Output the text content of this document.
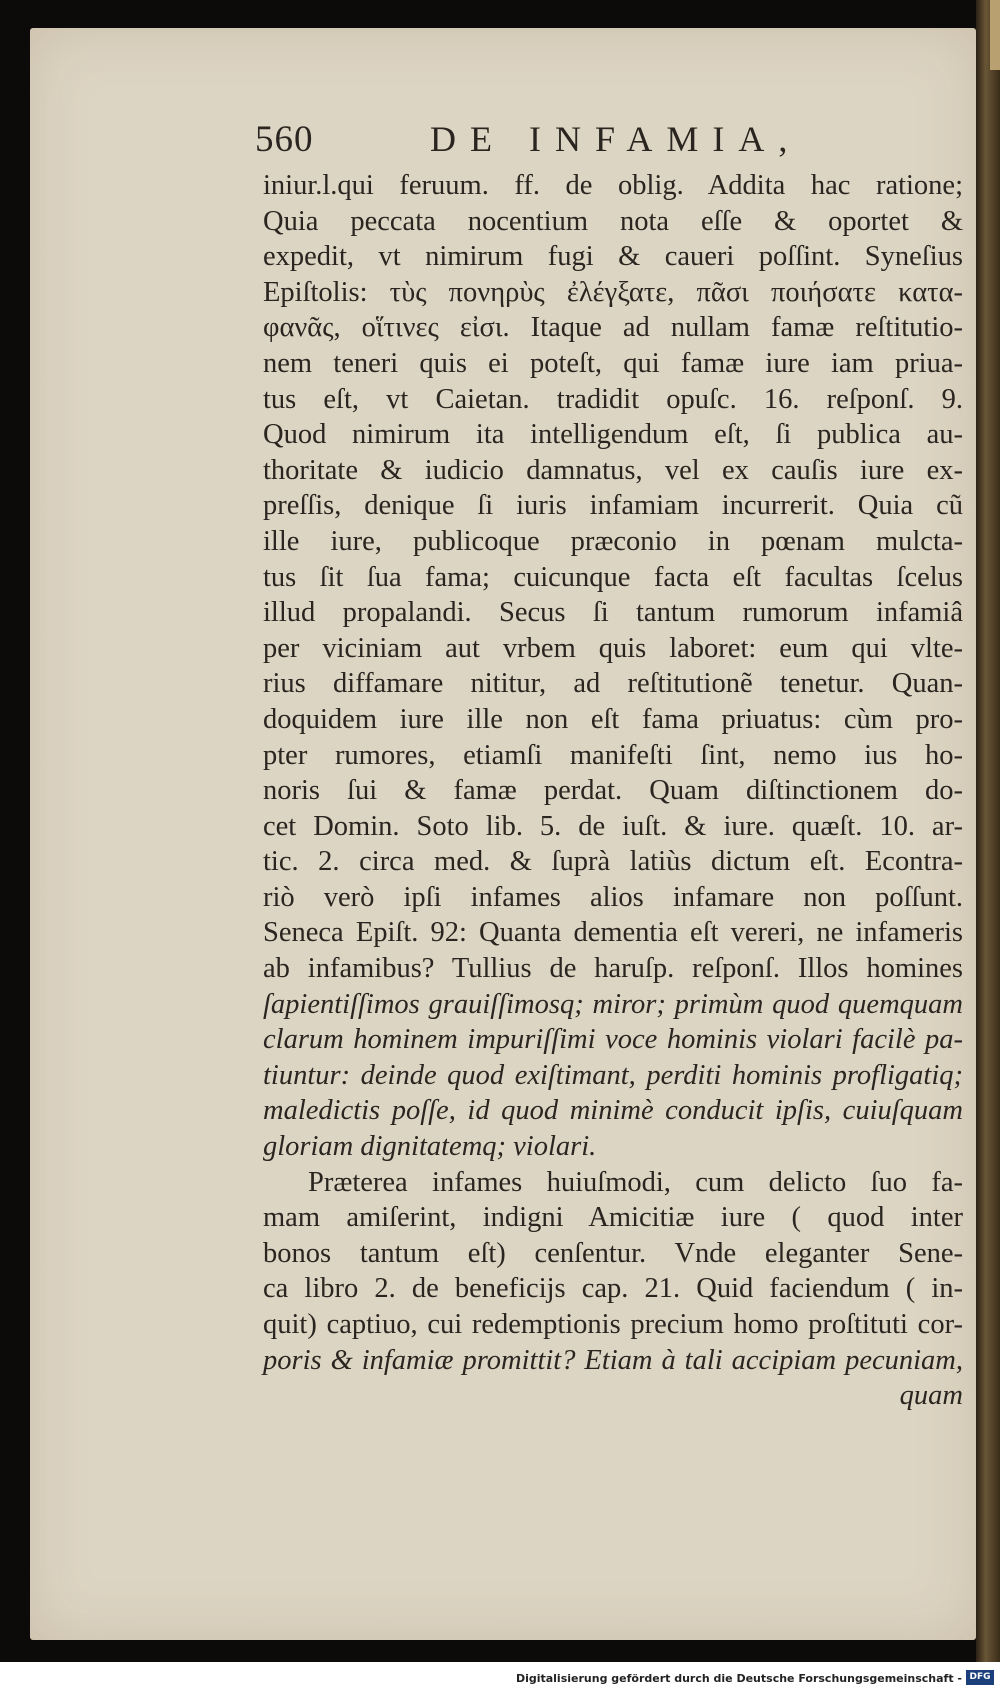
560	DE INFAMIA,
iniur.l.qui feruum. ff. de oblig. Addita hac ratione;
Quia peccata nocentium nota eſſe & oportet &
expedit, vt nimirum fugi & caueri poſſint. Syneſius
Epiſtolis: τὺς πονηρὺς ἐλέγξατε, πᾶσι ποιήσατε κατα-
φανᾶς, οἵτινες εἰσι. Itaque ad nullam famæ reſtitutio-
nem teneri quis ei poteſt, qui famæ iure iam priua-
tus eſt, vt Caietan. tradidit opuſc. 16. reſponſ. 9.
Quod nimirum ita intelligendum eſt, ſi publica au-
thoritate & iudicio damnatus, vel ex cauſis iure ex-
preſſis, denique ſi iuris infamiam incurrerit. Quia cũ
ille iure, publicoque præconio in pœnam mulcta-
tus ſit ſua fama; cuicunque facta eſt facultas ſcelus
illud propalandi. Secus ſi tantum rumorum infamiâ
per viciniam aut vrbem quis laboret: eum qui vlte-
rius diffamare nititur, ad reſtitutionẽ tenetur. Quan-
doquidem iure ille non eſt fama priuatus: cùm pro-
pter rumores, etiamſi manifeſti ſint, nemo ius ho-
noris ſui & famæ perdat. Quam diſtinctionem do-
cet Domin. Soto lib. 5. de iuſt. & iure. quæſt. 10. ar-
tic. 2. circa med. & ſuprà latiùs dictum eſt. Econtra-
riò verò ipſi infames alios infamare non poſſunt.
Seneca Epiſt. 92: Quanta dementia eſt vereri, ne infameris
ab infamibus? Tullius de haruſp. reſponſ. Illos homines
ſapientiſſimos grauiſſimosq; miror; primùm quod quemquam
clarum hominem impuriſſimi voce hominis violari facilè pa-
tiuntur: deinde quod exiſtimant, perditi hominis profligatiq;
maledictis poſſe, id quod minimè conducit ipſis, cuiuſquam
gloriam dignitatemq; violari.
Præterea infames huiuſmodi, cum delicto ſuo fa-
mam amiſerint, indigni Amicitiæ iure ( quod inter
bonos tantum eſt) cenſentur. Vnde eleganter Sene-
ca libro 2. de beneficijs cap. 21. Quid faciendum ( in-
quit) captiuo, cui redemptionis precium homo proſtituti cor-
poris & infamiæ promittit? Etiam à tali accipiam pecuniam,
quam
Digitalisierung gefördert durch die Deutsche Forschungsgemeinschaft - DFG
